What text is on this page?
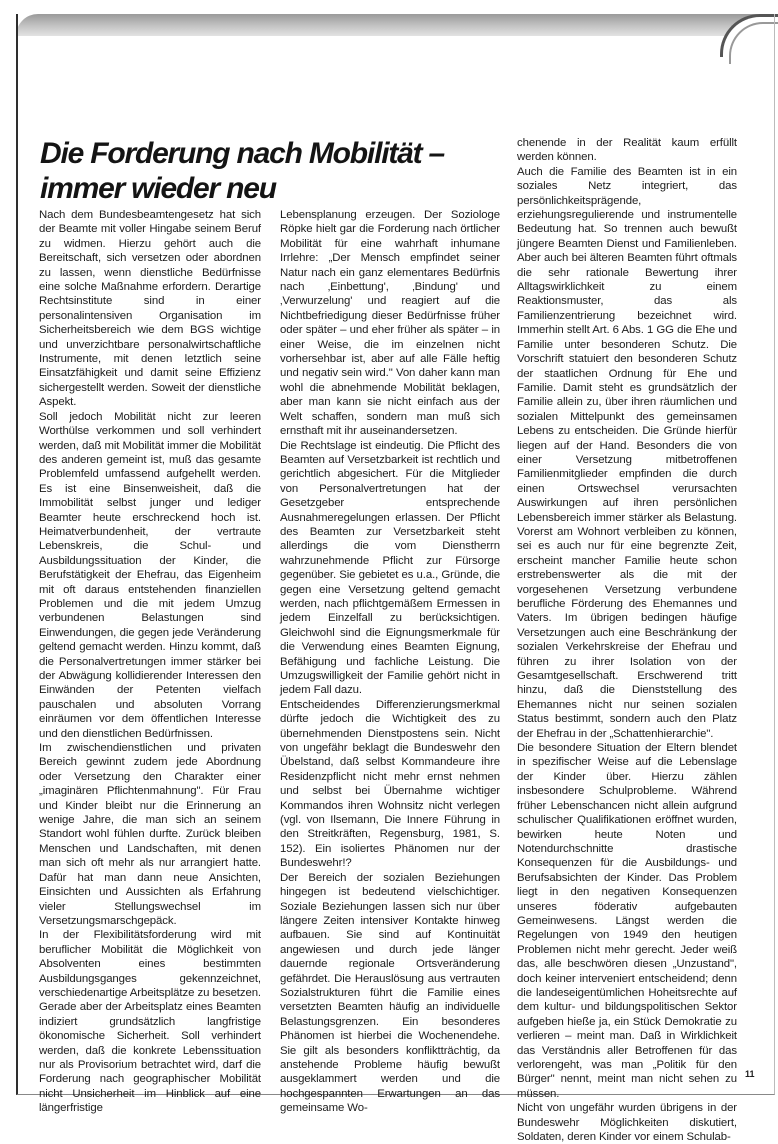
Die Forderung nach Mobilität –
immer wieder neu

Nach dem Bundesbeamtengesetz hat sich der Beamte mit voller Hingabe seinem Beruf zu widmen. Hierzu gehört auch die Bereitschaft, sich versetzen oder abordnen zu lassen, wenn dienstliche Bedürfnisse eine solche Maßnahme erfordern. Derartige Rechtsinstitute sind in einer personalintensiven Organisation im Sicherheitsbereich wie dem BGS wichtige und unverzichtbare personalwirtschaftliche Instrumente, mit denen letztlich seine Einsatzfähigkeit und damit seine Effizienz sichergestellt werden. Soweit der dienstliche Aspekt.

Soll jedoch Mobilität nicht zur leeren Worthülse verkommen und soll verhindert werden, daß mit Mobilität immer die Mobilität des anderen gemeint ist, muß das gesamte Problemfeld umfassend aufgehellt werden. Es ist eine Binsenweisheit, daß die Immobilität selbst junger und lediger Beamter heute erschreckend hoch ist. Heimatverbundenheit, der vertraute Lebenskreis, die Schul- und Ausbildungssituation der Kinder, die Berufstätigkeit der Ehefrau, das Eigenheim mit oft daraus entstehenden finanziellen Problemen und die mit jedem Umzug verbundenen Belastungen sind Einwendungen, die gegen jede Veränderung geltend gemacht werden. Hinzu kommt, daß die Personalvertretungen immer stärker bei der Abwägung kollidierender Interessen den Einwänden der Petenten vielfach pauschalen und absoluten Vorrang einräumen vor dem öffentlichen Interesse und den dienstlichen Bedürfnissen.

Im zwischendienstlichen und privaten Bereich gewinnt zudem jede Abordnung oder Versetzung den Charakter einer „imaginären Pflichtenmahnung". Für Frau und Kinder bleibt nur die Erinnerung an wenige Jahre, die man sich an seinem Standort wohl fühlen durfte. Zurück bleiben Menschen und Landschaften, mit denen man sich oft mehr als nur arrangiert hatte. Dafür hat man dann neue Ansichten, Einsichten und Aussichten als Erfahrung vieler Stellungswechsel im Versetzungsmarschgepäck.

In der Flexibilitätsforderung wird mit beruflicher Mobilität die Möglichkeit von Absolventen eines bestimmten Ausbildungsganges gekennzeichnet, verschiedenartige Arbeitsplätze zu besetzen. Gerade aber der Arbeitsplatz eines Beamten indiziert grundsätzlich langfristige ökonomische Sicherheit. Soll verhindert werden, daß die konkrete Lebenssituation nur als Provisorium betrachtet wird, darf die Forderung nach geographischer Mobilität nicht Unsicherheit im Hinblick auf eine längerfristige

Lebensplanung erzeugen. Der Soziologe Röpke hielt gar die Forderung nach örtlicher Mobilität für eine wahrhaft inhumane Irrlehre: „Der Mensch empfindet seiner Natur nach ein ganz elementares Bedürfnis nach ‚Einbettung', ‚Bindung' und ‚Verwurzelung' und reagiert auf die Nichtbefriedigung dieser Bedürfnisse früher oder später – und eher früher als später – in einer Weise, die im einzelnen nicht vorhersehbar ist, aber auf alle Fälle heftig und negativ sein wird." Von daher kann man wohl die abnehmende Mobilität beklagen, aber man kann sie nicht einfach aus der Welt schaffen, sondern man muß sich ernsthaft mit ihr auseinandersetzen.

Die Rechtslage ist eindeutig. Die Pflicht des Beamten auf Versetzbarkeit ist rechtlich und gerichtlich abgesichert. Für die Mitglieder von Personalvertretungen hat der Gesetzgeber entsprechende Ausnahmeregelungen erlassen. Der Pflicht des Beamten zur Versetzbarkeit steht allerdings die vom Dienstherrn wahrzunehmende Pflicht zur Fürsorge gegenüber. Sie gebietet es u.a., Gründe, die gegen eine Versetzung geltend gemacht werden, nach pflichtgemäßem Ermessen in jedem Einzelfall zu berücksichtigen. Gleichwohl sind die Eignungsmerkmale für die Verwendung eines Beamten Eignung, Befähigung und fachliche Leistung. Die Umzugswilligkeit der Familie gehört nicht in jedem Fall dazu.

Entscheidendes Differenzierungsmerkmal dürfte jedoch die Wichtigkeit des zu übernehmenden Dienstpostens sein. Nicht von ungefähr beklagt die Bundeswehr den Übelstand, daß selbst Kommandeure ihre Residenzpflicht nicht mehr ernst nehmen und selbst bei Übernahme wichtiger Kommandos ihren Wohnsitz nicht verlegen (vgl. von Ilsemann, Die Innere Führung in den Streitkräften, Regensburg, 1981, S. 152). Ein isoliertes Phänomen nur der Bundeswehr!?

Der Bereich der sozialen Beziehungen hingegen ist bedeutend vielschichtiger. Soziale Beziehungen lassen sich nur über längere Zeiten intensiver Kontakte hinweg aufbauen. Sie sind auf Kontinuität angewiesen und durch jede länger dauernde regionale Ortsveränderung gefährdet. Die Herauslösung aus vertrauten Sozialstrukturen führt die Familie eines versetzten Beamten häufig an individuelle Belastungsgrenzen. Ein besonderes Phänomen ist hierbei die Wochenendehe. Sie gilt als besonders konfliktträchtig, da anstehende Probleme häufig bewußt ausgeklammert werden und die hochgespannten Erwartungen an das gemeinsame Wo-

chenende in der Realität kaum erfüllt werden können.

Auch die Familie des Beamten ist in ein soziales Netz integriert, das persönlichkeitsprägende, erziehungsregulierende und instrumentelle Bedeutung hat. So trennen auch bewußt jüngere Beamten Dienst und Familienleben. Aber auch bei älteren Beamten führt oftmals die sehr rationale Bewertung ihrer Alltagswirklichkeit zu einem Reaktionsmuster, das als Familienzentrierung bezeichnet wird. Immerhin stellt Art. 6 Abs. 1 GG die Ehe und Familie unter besonderen Schutz. Die Vorschrift statuiert den besonderen Schutz der staatlichen Ordnung für Ehe und Familie. Damit steht es grundsätzlich der Familie allein zu, über ihren räumlichen und sozialen Mittelpunkt des gemeinsamen Lebens zu entscheiden. Die Gründe hierfür liegen auf der Hand. Besonders die von einer Versetzung mitbetroffenen Familienmitglieder empfinden die durch einen Ortswechsel verursachten Auswirkungen auf ihren persönlichen Lebensbereich immer stärker als Belastung. Vorerst am Wohnort verbleiben zu können, sei es auch nur für eine begrenzte Zeit, erscheint mancher Familie heute schon erstrebenswerter als die mit der vorgesehenen Versetzung verbundene berufliche Förderung des Ehemannes und Vaters. Im übrigen bedingen häufige Versetzungen auch eine Beschränkung der sozialen Verkehrskreise der Ehefrau und führen zu ihrer Isolation von der Gesamtgesellschaft. Erschwerend tritt hinzu, daß die Dienststellung des Ehemannes nicht nur seinen sozialen Status bestimmt, sondern auch den Platz der Ehefrau in der „Schattenhierarchie".

Die besondere Situation der Eltern blendet in spezifischer Weise auf die Lebenslage der Kinder über. Hierzu zählen insbesondere Schulprobleme. Während früher Lebenschancen nicht allein aufgrund schulischer Qualifikationen eröffnet wurden, bewirken heute Noten und Notendurchschnitte drastische Konsequenzen für die Ausbildungs- und Berufsabsichten der Kinder. Das Problem liegt in den negativen Konsequenzen unseres föderativ aufgebauten Gemeinwesens. Längst werden die Regelungen von 1949 den heutigen Problemen nicht mehr gerecht. Jeder weiß das, alle beschwören diesen „Unzustand", doch keiner interveniert entscheidend; denn die landeseigentümlichen Hoheitsrechte auf dem kultur- und bildungspolitischen Sektor aufgeben hieße ja, ein Stück Demokratie zu verlieren – meint man. Daß in Wirklichkeit das Verständnis aller Betroffenen für das verlorengeht, was man „Politik für den Bürger" nennt, meint man nicht sehen zu müssen.

Nicht von ungefähr wurden übrigens in der Bundeswehr Möglichkeiten diskutiert, Soldaten, deren Kinder vor einem Schulab-

11
